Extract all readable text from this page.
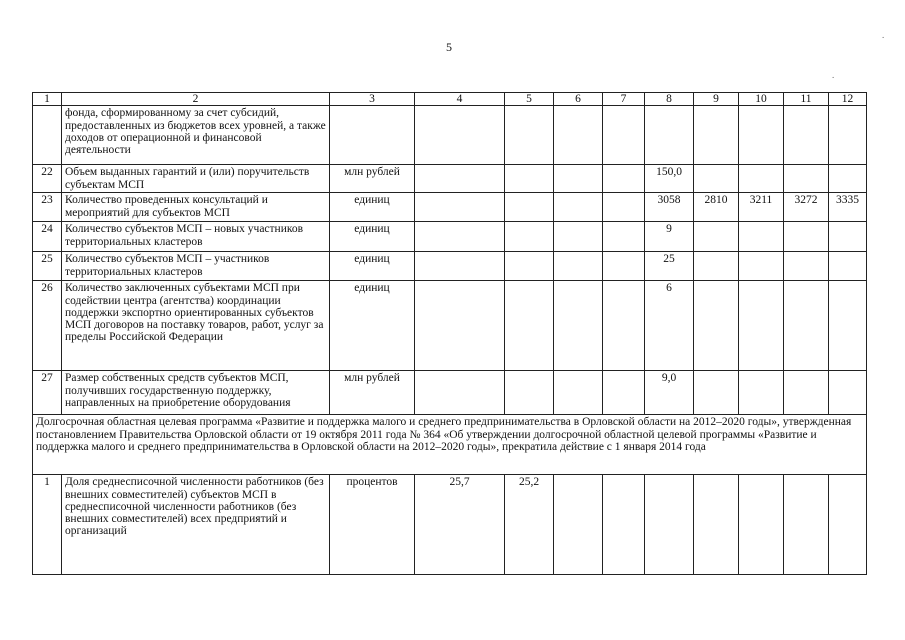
5
.
.
1	2	3	4	5	6	7	8	9	10	11	12
	фонда, сформированному за счет субсидий, предоставленных из бюджетов всех уровней, а также доходов от операционной и финансовой деятельности										
22	Объем выданных гарантий и (или) поручительств субъектам МСП	млн рублей					150,0				
23	Количество проведенных консультаций и мероприятий для субъектов МСП	единиц					3058	2810	3211	3272	3335
24	Количество субъектов МСП – новых участников территориальных кластеров	единиц					9				
25	Количество субъектов МСП – участников территориальных кластеров	единиц					25				
26	Количество заключенных субъектами МСП при содействии центра (агентства) координации поддержки экспортно ориентированных субъектов МСП договоров на поставку товаров, работ, услуг за пределы Российской Федерации	единиц					6				
27	Размер собственных средств субъектов МСП, получивших государственную поддержку, направленных на приобретение оборудования	млн рублей					9,0				
Долгосрочная областная целевая программа «Развитие и поддержка малого и среднего предпринимательства в Орловской области на 2012–2020 годы», утвержденная постановлением Правительства Орловской области от 19 октября 2011 года № 364 «Об утверждении долгосрочной областной целевой программы «Развитие и поддержка малого и среднего предпринимательства в Орловской области на 2012–2020 годы», прекратила действие с 1 января 2014 года											
1	Доля среднесписочной численности работников (без внешних совместителей) субъектов МСП в среднесписочной численности работников (без внешних совместителей) всех предприятий и организаций	процентов	25,7	25,2							
